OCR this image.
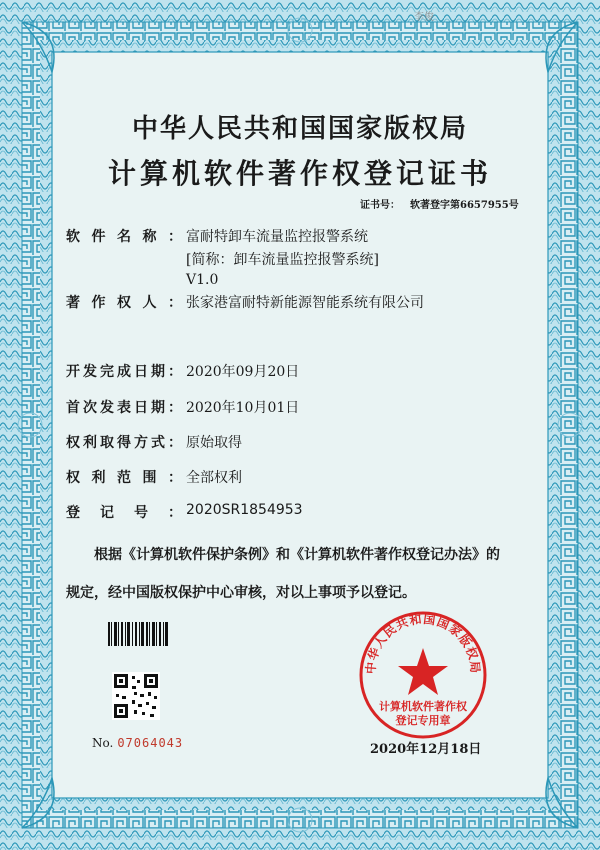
李俊
中华人民共和国国家版权局
计算机软件著作权登记证书
证书号： 软著登字第6657955号
软件名称： 富耐特卸车流量监控报警系统
[简称：卸车流量监控报警系统]
V1.0
著作权人： 张家港富耐特新能源智能系统有限公司
开发完成日期： 2020年09月20日
首次发表日期： 2020年10月01日
权利取得方式： 原始取得
权利范围： 全部权利
登记号： 2020SR1854953
根据《计算机软件保护条例》和《计算机软件著作权登记办法》的
规定，经中国版权保护中心审核，对以上事项予以登记。
No. 07064043
中华人民共和国国家版权局
计算机软件著作权
登记专用章
2020年12月18日
